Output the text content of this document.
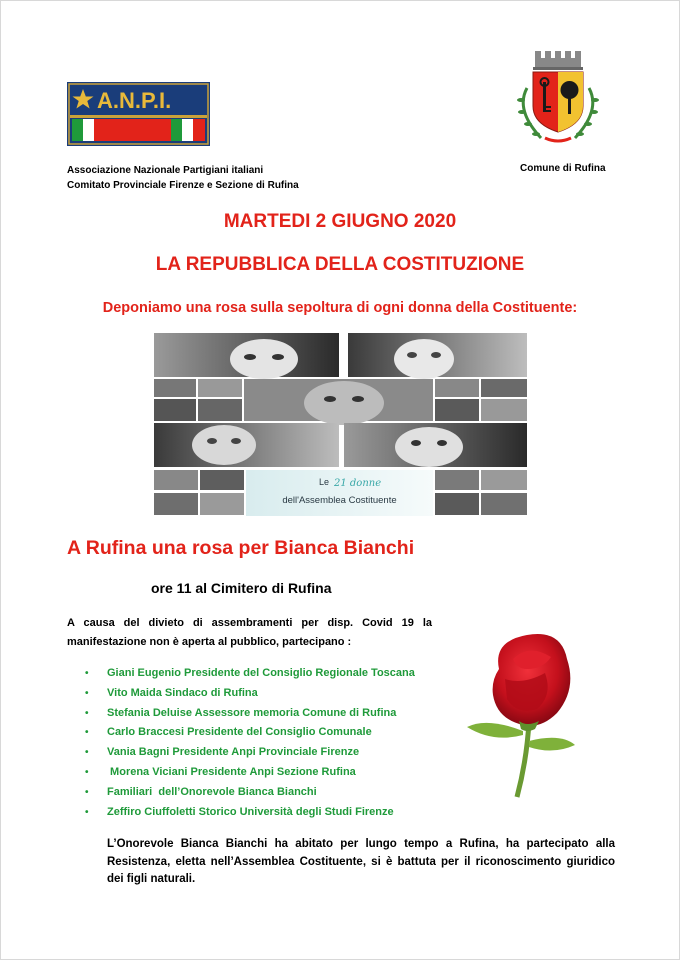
A.N.P.I.
Associazione Nazionale Partigiani italiani
Comitato Provinciale Firenze e Sezione di Rufina
Comune di Rufina
MARTEDI 2 GIUGNO 2020
LA REPUBBLICA DELLA COSTITUZIONE
Deponiamo una rosa sulla sepoltura di ogni donna della Costituente:
Le 21 donne
dell'Assemblea Costituente
A Rufina una rosa per Bianca Bianchi
ore 11 al Cimitero di Rufina
A causa del divieto di assembramenti per disp. Covid 19 la manifestazione non è aperta al pubblico, partecipano :
• Giani Eugenio Presidente del Consiglio Regionale Toscana
• Vito Maida Sindaco di Rufina
• Stefania Deluise Assessore memoria Comune di Rufina
• Carlo Braccesi Presidente del Consiglio Comunale
• Vania Bagni Presidente Anpi Provinciale Firenze
• Morena Viciani Presidente Anpi Sezione Rufina
• Familiari  dell’Onorevole Bianca Bianchi
• Zeffiro Ciuffoletti Storico Università degli Studi Firenze
L’Onorevole Bianca Bianchi ha abitato per lungo tempo a Rufina, ha partecipato alla Resistenza, eletta nell’Assemblea Costituente, si è battuta per il riconoscimento giuridico dei figli naturali.
